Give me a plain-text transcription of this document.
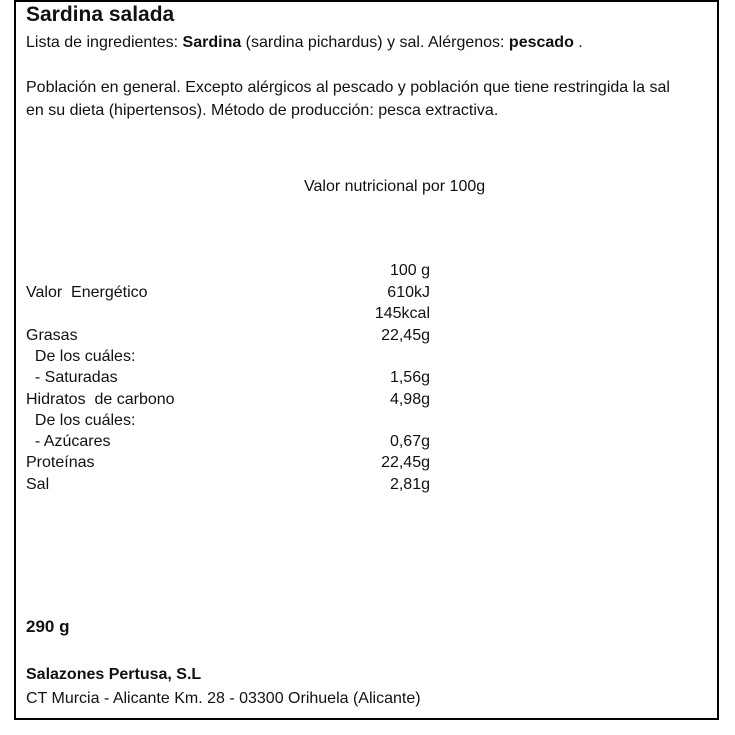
Sardina salada
Lista de ingredientes: Sardina (sardina pichardus) y sal. Alérgenos: pescado .
Población en general. Excepto alérgicos al pescado y población que tiene restringida la sal en su dieta (hipertensos). Método de producción: pesca extractiva.
Valor nutricional por 100g
100 g
Valor  Energético	610kJ
145kcal
Grasas	22,45g
De los cuáles:
- Saturadas	1,56g
Hidratos  de carbono	4,98g
De los cuáles:
- Azúcares	0,67g
Proteínas	22,45g
Sal	2,81g
290 g
Salazones Pertusa, S.L
CT Murcia - Alicante Km. 28 - 03300 Orihuela (Alicante)
